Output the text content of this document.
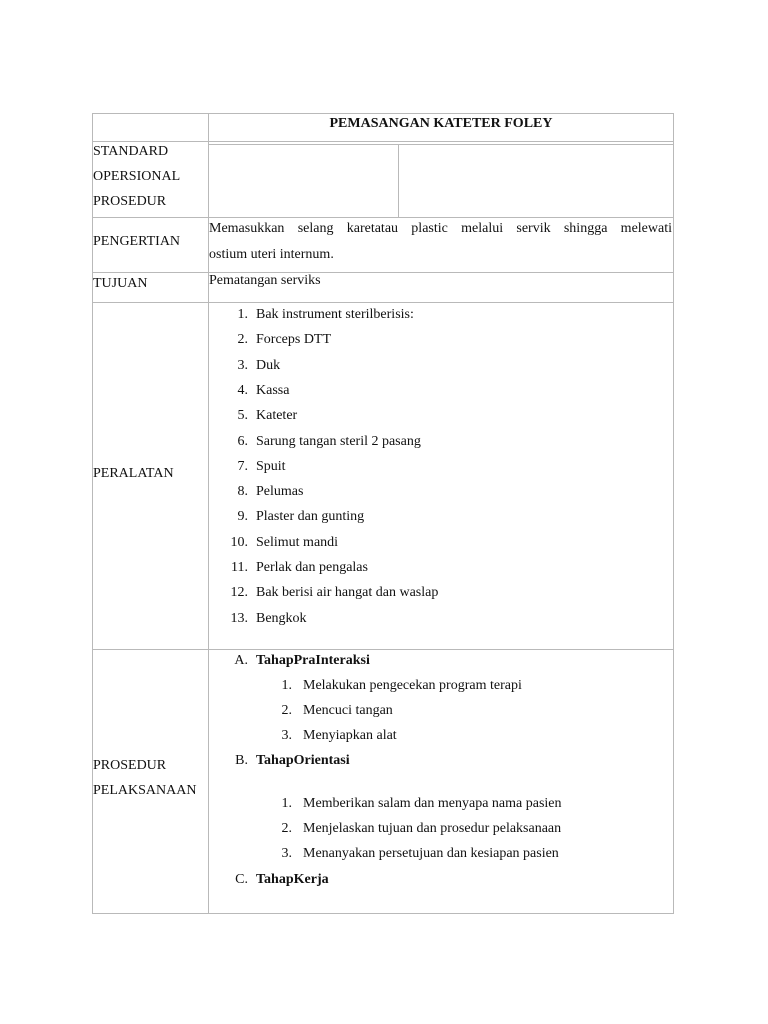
PEMASANGAN KATETER FOLEY
STANDARD
OPERSIONAL
PROSEDUR
PENGERTIAN
Memasukkan selang karetatau plastic melalui servik shingga melewati
ostium uteri internum.
TUJUAN	Pematangan serviks
PERALATAN
1. Bak instrument sterilberisis:
2. Forceps DTT
3. Duk
4. Kassa
5. Kateter
6. Sarung tangan steril 2 pasang
7. Spuit
8. Pelumas
9. Plaster dan gunting
10. Selimut mandi
11. Perlak dan pengalas
12. Bak berisi air hangat dan waslap
13. Bengkok
PROSEDUR
PELAKSANAAN
A. TahapPraInteraksi
1. Melakukan pengecekan program terapi
2. Mencuci tangan
3. Menyiapkan alat
B. TahapOrientasi
1. Memberikan salam dan menyapa nama pasien
2. Menjelaskan tujuan dan prosedur pelaksanaan
3. Menanyakan persetujuan dan kesiapan pasien
C. TahapKerja
